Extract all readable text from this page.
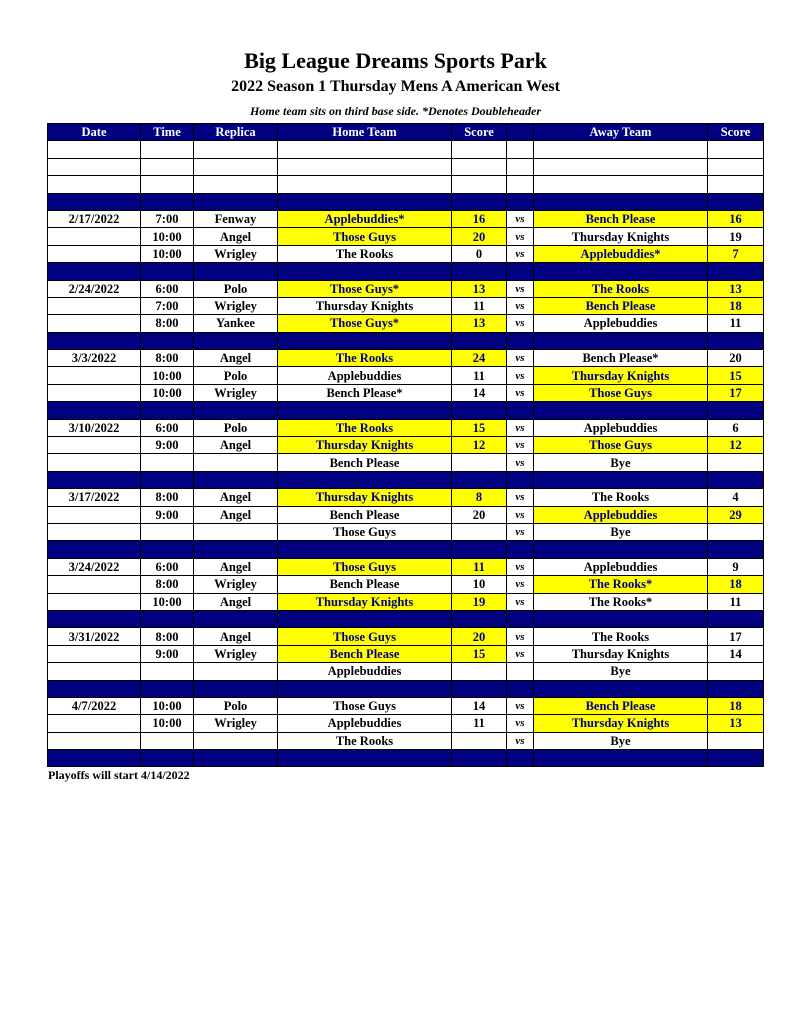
Big League Dreams Sports Park
2022 Season 1 Thursday Mens A American West
Home team sits on third base side. *Denotes Doubleheader
Date	Time	Replica	Home Team	Score		Away Team	Score

2/17/2022	7:00	Fenway	Applebuddies*	16	vs	Bench Please	16
	10:00	Angel	Those Guys	20	vs	Thursday Knights	19
	10:00	Wrigley	The Rooks	0	vs	Applebuddies*	7

2/24/2022	6:00	Polo	Those Guys*	13	vs	The Rooks	13
	7:00	Wrigley	Thursday Knights	11	vs	Bench Please	18
	8:00	Yankee	Those Guys*	13	vs	Applebuddies	11

3/3/2022	8:00	Angel	The Rooks	24	vs	Bench Please*	20
	10:00	Polo	Applebuddies	11	vs	Thursday Knights	15
	10:00	Wrigley	Bench Please*	14	vs	Those Guys	17

3/10/2022	6:00	Polo	The Rooks	15	vs	Applebuddies	6
	9:00	Angel	Thursday Knights	12	vs	Those Guys	12
			Bench Please		vs	Bye	

3/17/2022	8:00	Angel	Thursday Knights	8	vs	The Rooks	4
	9:00	Angel	Bench Please	20	vs	Applebuddies	29
			Those Guys		vs	Bye	

3/24/2022	6:00	Angel	Those Guys	11	vs	Applebuddies	9
	8:00	Wrigley	Bench Please	10	vs	The Rooks*	18
	10:00	Angel	Thursday Knights	19	vs	The Rooks*	11

3/31/2022	8:00	Angel	Those Guys	20	vs	The Rooks	17
	9:00	Wrigley	Bench Please	15	vs	Thursday Knights	14
			Applebuddies			Bye	

4/7/2022	10:00	Polo	Those Guys	14	vs	Bench Please	18
	10:00	Wrigley	Applebuddies	11	vs	Thursday Knights	13
			The Rooks		vs	Bye	

Playoffs will start 4/14/2022
